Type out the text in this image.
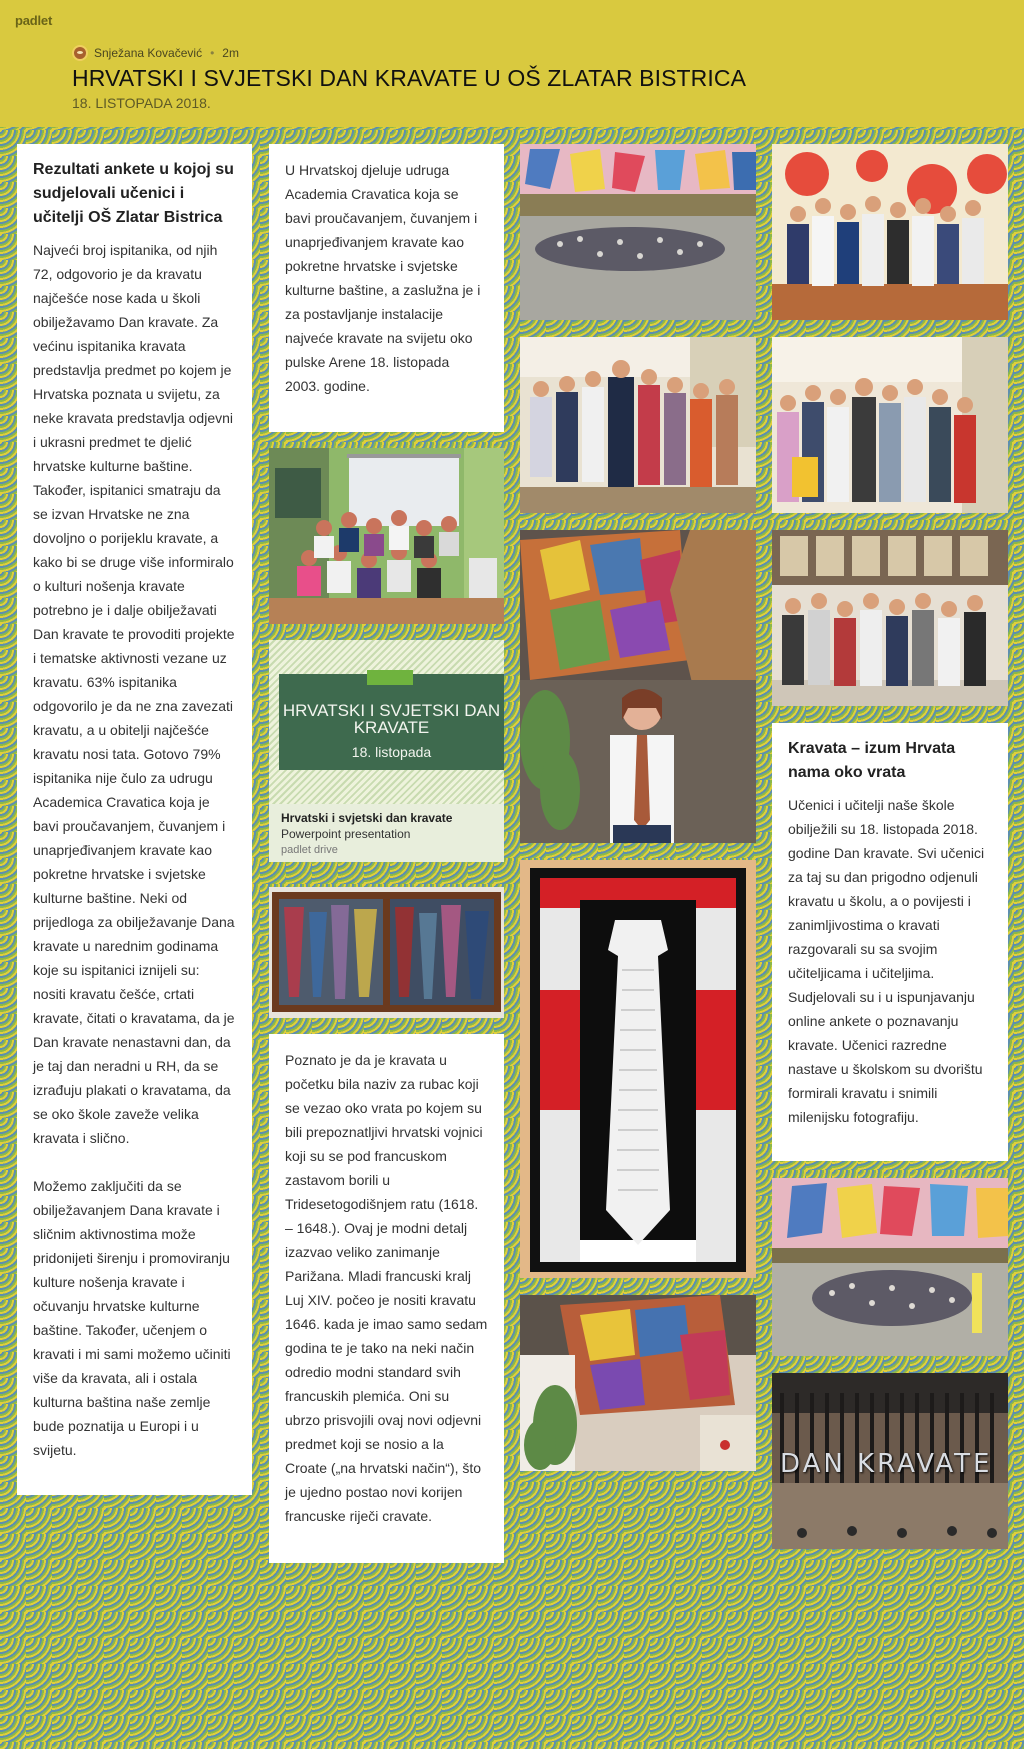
padlet
Snježana Kovačević • 2m
HRVATSKI I SVJETSKI DAN KRAVATE U OŠ ZLATAR BISTRICA
18. LISTOPADA 2018.
Rezultati ankete u kojoj su sudjelovali učenici i učitelji OŠ Zlatar Bistrica

Najveći broj ispitanika, od njih 72, odgovorio je da kravatu najčešće nose kada u školi obilježavamo Dan kravate. Za većinu ispitanika kravata predstavlja predmet po kojem je Hrvatska poznata u svijetu, za neke kravata predstavlja odjevni i ukrasni predmet te djelić hrvatske kulturne baštine. Također, ispitanici smatraju da se izvan Hrvatske ne zna dovoljno o porijeklu kravate, a kako bi se druge više informiralo o kulturi nošenja kravate potrebno je i dalje obilježavati Dan kravate te provoditi projekte i tematske aktivnosti vezane uz kravatu. 63% ispitanika odgovorilo je da ne zna zavezati kravatu, a u obitelji najčešće kravatu nosi tata. Gotovo 79% ispitanika nije čulo za udrugu Academica Cravatica koja je bavi proučavanjem, čuvanjem i unaprjeđivanjem kravate kao pokretne hrvatske i svjetske kulturne baštine. Neki od prijedloga za obilježavanje Dana kravate u narednim godinama koje su ispitanici iznijeli su: nositi kravatu češće, crtati kravate, čitati o kravatama, da je Dan kravate nenastavni dan, da je taj dan neradni u RH, da se izrađuju plakati o kravatama, da se oko škole zaveže velika kravata i slično.

Možemo zaključiti da se obilježavanjem Dana kravate i sličnim aktivnostima može pridonijeti širenju i promoviranju kulture nošenja kravate i očuvanju hrvatske kulturne baštine. Također, učenjem o kravati i mi sami možemo učiniti više da kravata, ali i ostala kulturna baština naše zemlje bude poznatija u Europi i u svijetu.

U Hrvatskoj djeluje udruga Academia Cravatica koja se bavi proučavanjem, čuvanjem i unaprjeđivanjem kravate kao pokretne hrvatske i svjetske kulturne baštine, a zaslužna je i za postavljanje instalacije najveće kravate na svijetu oko pulske Arene 18. listopada 2003. godine.

HRVATSKI I SVJETSKI DAN KRAVATE
18. listopada
Hrvatski i svjetski dan kravate
Powerpoint presentation
padlet drive

Poznato je da je kravata u početku bila naziv za rubac koji se vezao oko vrata po kojem su bili prepoznatljivi hrvatski vojnici koji su se pod francuskom zastavom borili u Tridesetogodišnjem ratu (1618. – 1648.). Ovaj je modni detalj izazvao veliko zanimanje Parižana. Mladi francuski kralj Luj XIV. počeo je nositi kravatu 1646. kada je imao samo sedam godina te je tako na neki način odredio modni standard svih francuskih plemića. Oni su ubrzo prisvojili ovaj novi odjevni predmet koji se nosio a la Croate („na hrvatski način“), što je ujedno postao novi korijen francuske riječi cravate.

Kravata – izum Hrvata nama oko vrata

Učenici i učitelji naše škole obilježili su 18. listopada 2018. godine Dan kravate. Svi učenici za taj su dan prigodno odjenuli kravatu u školu, a o povijesti i zanimljivostima o kravati razgovarali su sa svojim učiteljicama i učiteljima. Sudjelovali su i u ispunjavanju online ankete o poznavanju kravate. Učenici razredne nastave u školskom su dvorištu formirali kravatu i snimili milenijsku fotografiju.

DAN KRAVATE
